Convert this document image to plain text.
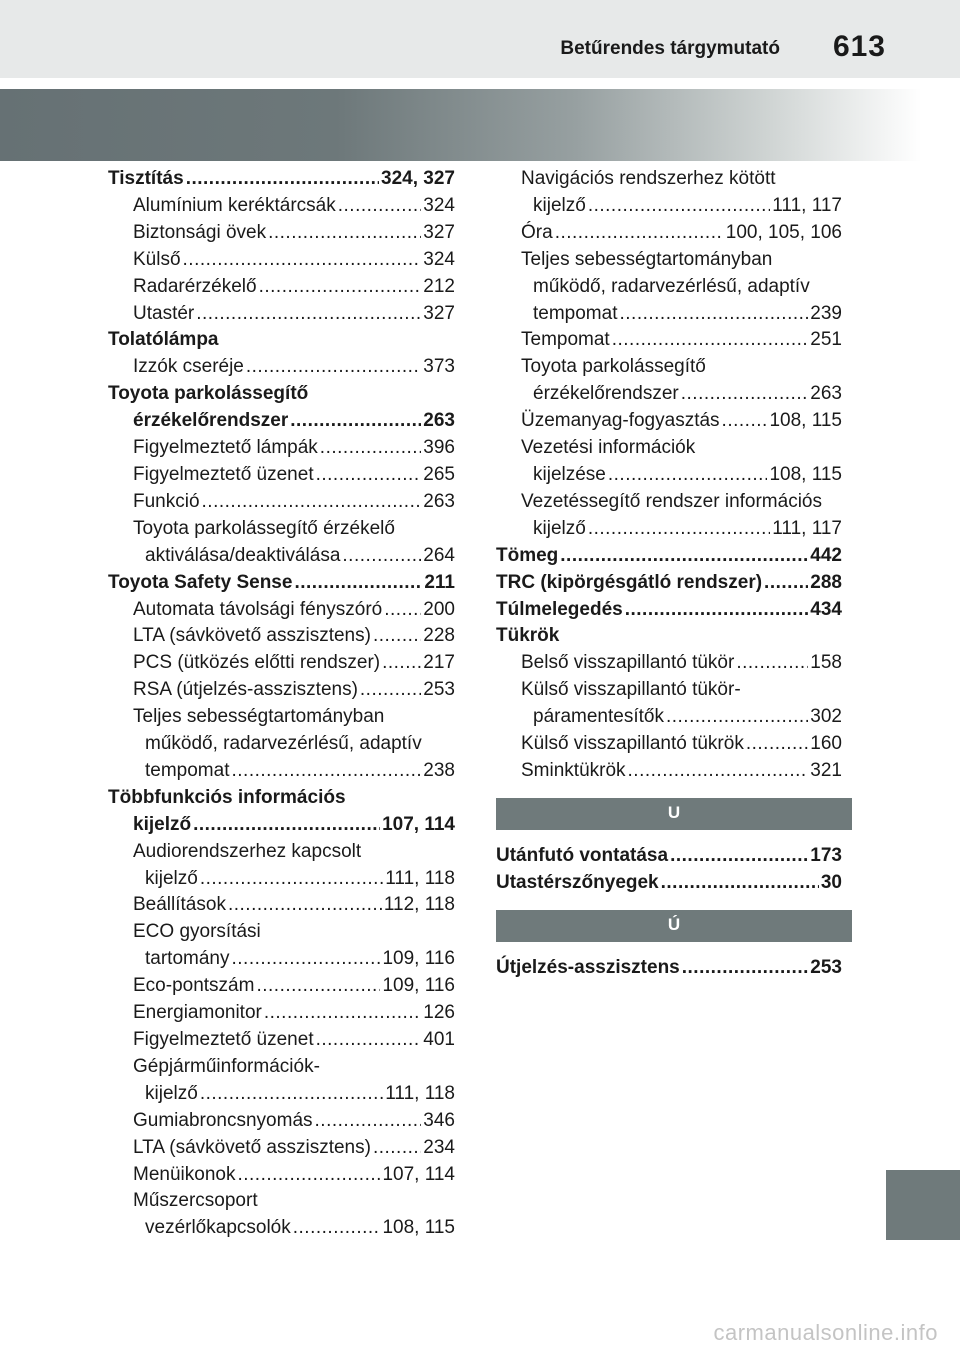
Betűrendes tárgymutató 613
Tisztítás .....	324, 327
Alumínium keréktárcsák .....	324
Biztonsági övek .....	327
Külső .....	324
Radarérzékelő .....	212
Utastér .....	327
Tolatólámpa
Izzók cseréje .....	373
Toyota parkolássegítő
érzékelőrendszer .....	263
Figyelmeztető lámpák .....	396
Figyelmeztető üzenet .....	265
Funkció .....	263
Toyota parkolássegítő érzékelő
aktiválása/deaktiválása .....	264
Toyota Safety Sense .....	211
Automata távolsági fényszóró ..... 200
LTA (sávkövető asszisztens) .....	228
PCS (ütközés előtti rendszer) ..... 217
RSA (útjelzés-asszisztens) .....	253
Teljes sebességtartományban
működő, radarvezérlésű, adaptív
tempomat .....	238
Többfunkciós információs
kijelző .....	107, 114
Audiorendszerhez kapcsolt
kijelző .....	111, 118
Beállítások .....	112, 118
ECO gyorsítási
tartomány .....	109, 116
Eco-pontszám .....	109, 116
Energiamonitor .....	126
Figyelmeztető üzenet .....	401
Gépjárműinformációk-
kijelző .....	111, 118
Gumiabroncsnyomás .....	346
LTA (sávkövető asszisztens) .....	234
Menüikonok .....	107, 114
Műszercsoport
vezérlőkapcsolók .....	108, 115
Navigációs rendszerhez kötött
kijelző .....	111, 117
Óra .....	100, 105, 106
Teljes sebességtartományban
működő, radarvezérlésű, adaptív
tempomat .....	239
Tempomat .....	251
Toyota parkolássegítő
érzékelőrendszer .....	263
Üzemanyag-fogyasztás .....	108, 115
Vezetési információk
kijelzése .....	108, 115
Vezetéssegítő rendszer információs
kijelző .....	111, 117
Tömeg .....	442
TRC (kipörgésgátló rendszer) .....	288
Túlmelegedés .....	434
Tükrök
Belső visszapillantó tükör .....	158
Külső visszapillantó tükör-
páramentesítők .....	302
Külső visszapillantó tükrök .....	160
Sminktükrök .....	321
U
Utánfutó vontatása .....	173
Utastérszőnyegek .....	30
Ú
Útjelzés-asszisztens .....	253
carmanualsonline.info
